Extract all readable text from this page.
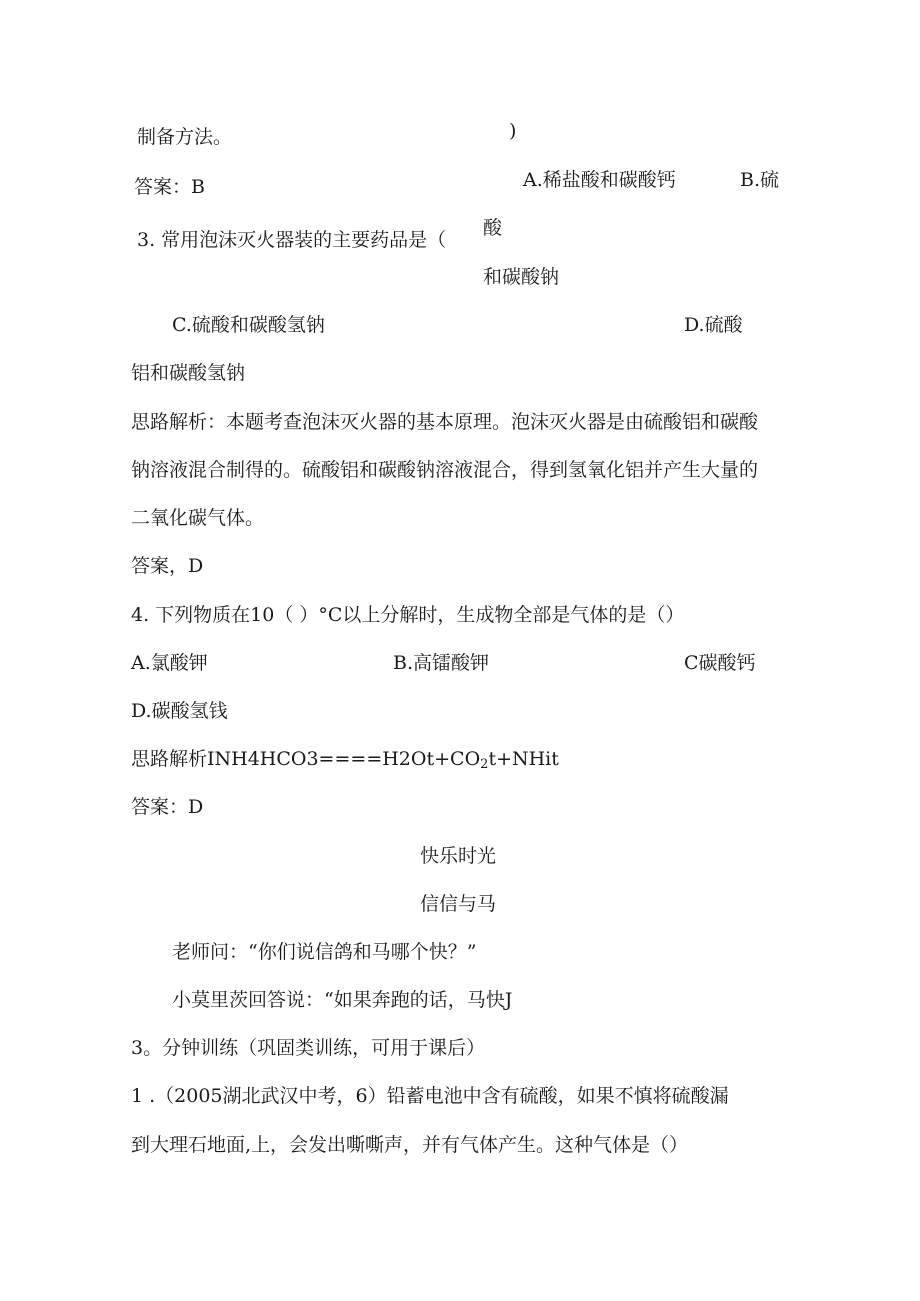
制备方法。	)
答案：B	A.稀盐酸和碳酸钙	B.硫
3. 常用泡沫灭火器装的主要药品是（
酸
和碳酸钠
C.硫酸和碳酸氢钠	D.硫酸
铝和碳酸氢钠
思路解析：本题考查泡沫灭火器的基本原理。泡沫灭火器是由硫酸铝和碳酸
钠溶液混合制得的。硫酸铝和碳酸钠溶液混合，得到氢氧化铝并产生大量的
二氧化碳气体。
答案，D
4. 下列物质在10（ ）°C以上分解时，生成物全部是气体的是（）
A.氯酸钾	B.高镭酸钾	C碳酸钙
D.碳酸氢钱
思路解析$INH4HCO3====H2Ot+CO_2t+NHit$
答案：D
快乐时光
信信与马
老师问：“你们说信鸽和马哪个快？”
小莫里茨回答说：“如果奔跑的话，马快J
3。分钟训练（巩固类训练，可用于课后）
1 .（2005湖北武汉中考，6）铅蓄电池中含有硫酸，如果不慎将硫酸漏
到大理石地面,上，会发出嘶嘶声，并有气体产生。这种气体是（）
